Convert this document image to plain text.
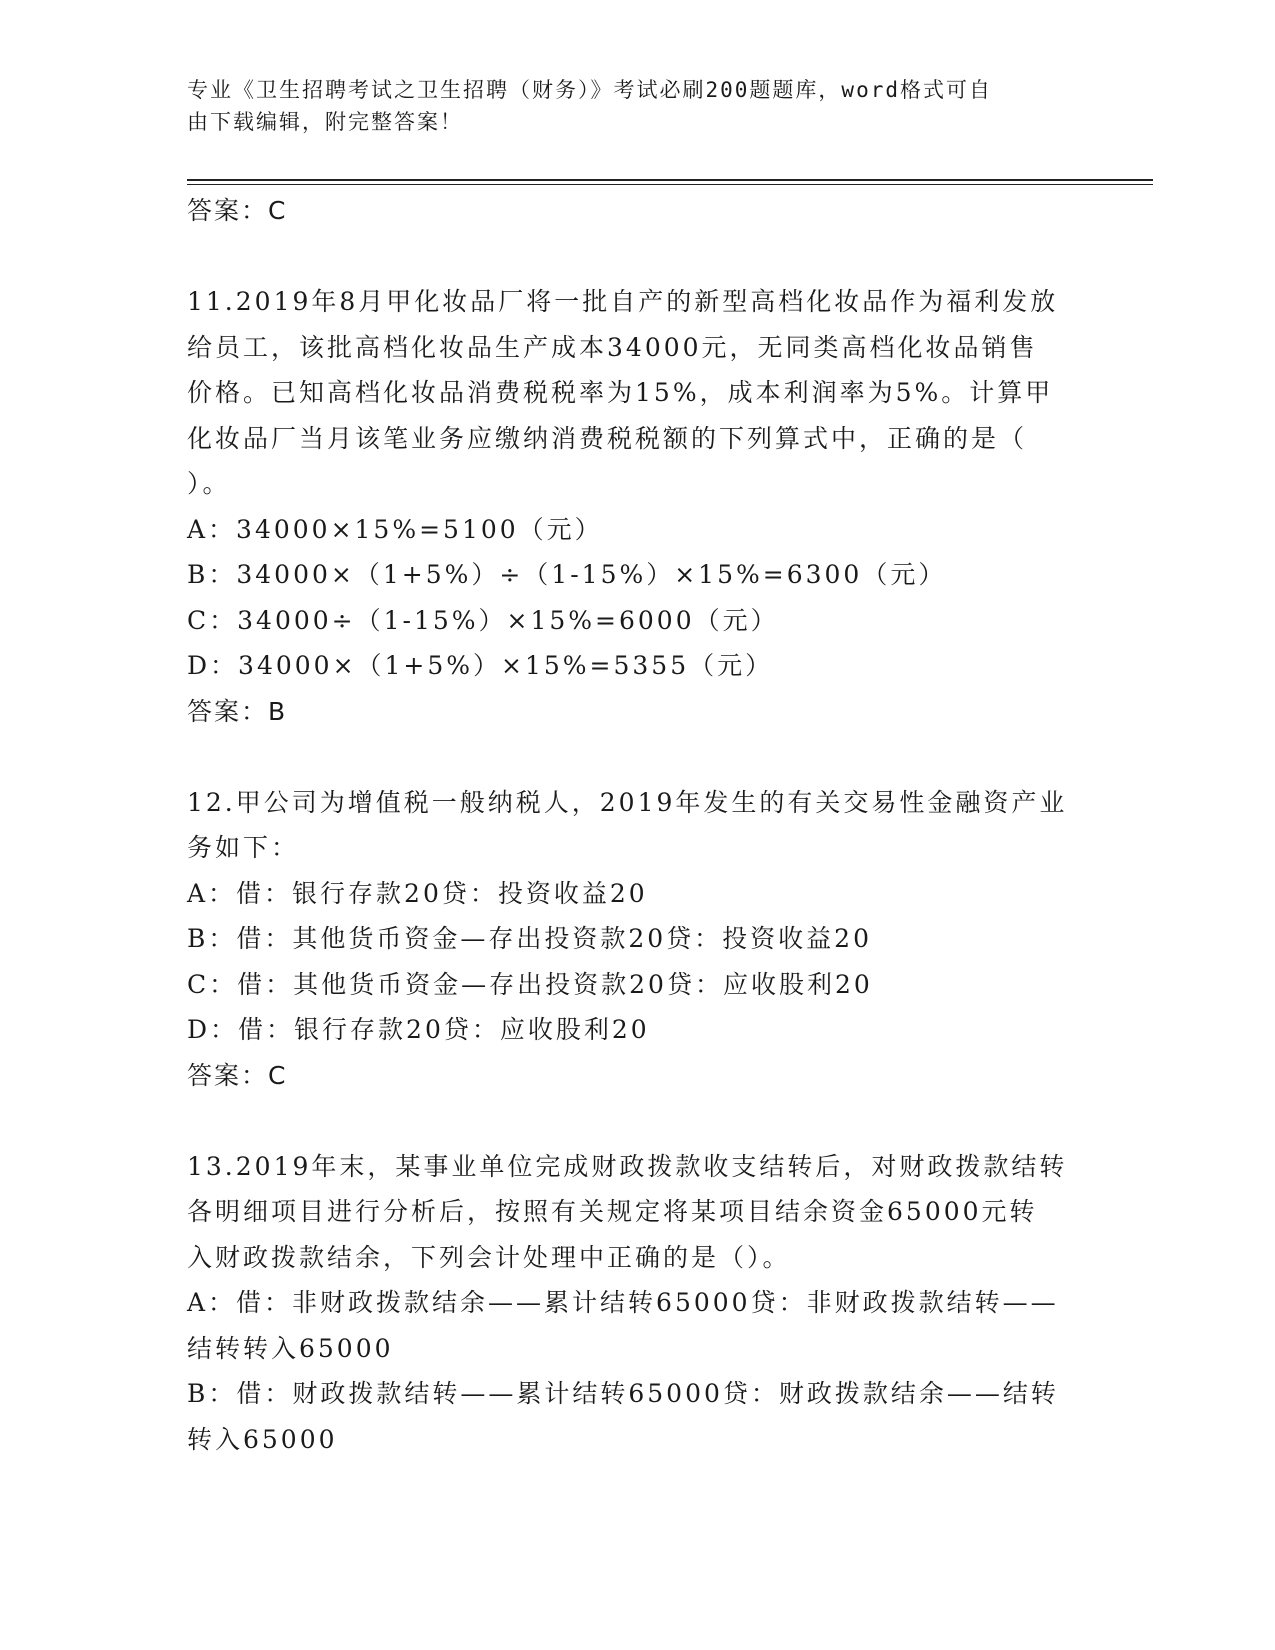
专业《卫生招聘考试之卫生招聘（财务）》考试必刷200题题库，word格式可自
由下载编辑，附完整答案！

答案：C

11.2019年8月甲化妆品厂将一批自产的新型高档化妆品作为福利发放

给员工，该批高档化妆品生产成本34000元，无同类高档化妆品销售

价格。已知高档化妆品消费税税率为15%，成本利润率为5%。计算甲

化妆品厂当月该笔业务应缴纳消费税税额的下列算式中，正确的是（

）。

A：34000×15%=5100（元）

B：34000×（1+5%）÷（1-15%）×15%=6300（元）

C：34000÷（1-15%）×15%=6000（元）

D：34000×（1+5%）×15%=5355（元）

答案：B

12.甲公司为增值税一般纳税人，2019年发生的有关交易性金融资产业

务如下：

A：借：银行存款20贷：投资收益20

B：借：其他货币资金—存出投资款20贷：投资收益20

C：借：其他货币资金—存出投资款20贷：应收股利20

D：借：银行存款20贷：应收股利20

答案：C

13.2019年末，某事业单位完成财政拨款收支结转后，对财政拨款结转

各明细项目进行分析后，按照有关规定将某项目结余资金65000元转

入财政拨款结余，下列会计处理中正确的是（）。

A：借：非财政拨款结余——累计结转65000贷：非财政拨款结转——

结转转入65000

B：借：财政拨款结转——累计结转65000贷：财政拨款结余——结转

转入65000
